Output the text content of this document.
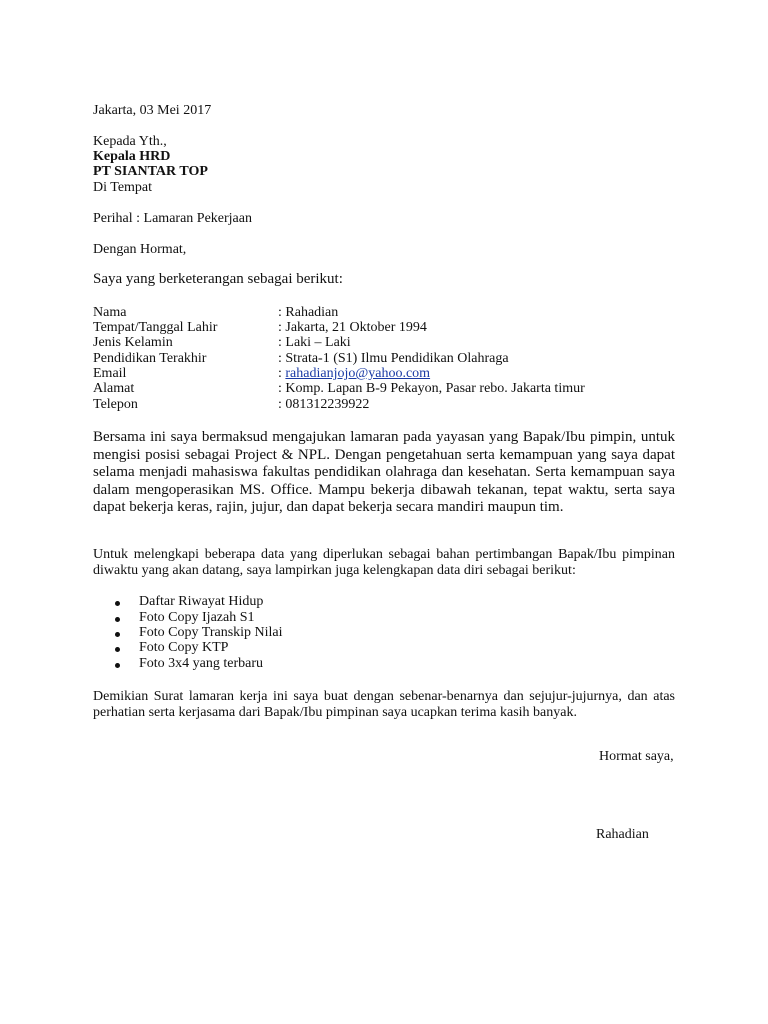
Jakarta, 03 Mei 2017
Kepada Yth.,
Kepala HRD
PT SIANTAR TOP
Di Tempat
Perihal : Lamaran Pekerjaan
Dengan Hormat,
Saya yang berketerangan sebagai berikut:
Nama	: Rahadian
Tempat/Tanggal Lahir	: Jakarta, 21 Oktober 1994
Jenis Kelamin	: Laki – Laki
Pendidikan Terakhir	: Strata-1 (S1) Ilmu Pendidikan Olahraga
Email	: rahadianjojo@yahoo.com
Alamat	: Komp. Lapan B-9 Pekayon, Pasar rebo. Jakarta timur
Telepon	: 081312239922

Bersama ini saya bermaksud mengajukan lamaran pada yayasan yang Bapak/Ibu pimpin, untuk mengisi posisi sebagai Project & NPL. Dengan pengetahuan serta kemampuan yang saya dapat selama menjadi mahasiswa fakultas pendidikan olahraga dan kesehatan. Serta kemampuan saya dalam mengoperasikan MS. Office. Mampu bekerja dibawah tekanan, tepat waktu, serta saya dapat bekerja keras, rajin, jujur, dan dapat bekerja secara mandiri maupun tim.

Untuk melengkapi beberapa data yang diperlukan sebagai bahan pertimbangan Bapak/Ibu pimpinan diwaktu yang akan datang, saya lampirkan juga kelengkapan data diri sebagai berikut:

Daftar Riwayat Hidup
Foto Copy Ijazah S1
Foto Copy Transkip Nilai
Foto Copy KTP
Foto 3x4 yang terbaru

Demikian Surat lamaran kerja ini saya buat dengan sebenar-benarnya dan sejujur-jujurnya, dan atas perhatian serta kerjasama dari Bapak/Ibu pimpinan saya ucapkan terima kasih banyak.

Hormat saya,
Rahadian
